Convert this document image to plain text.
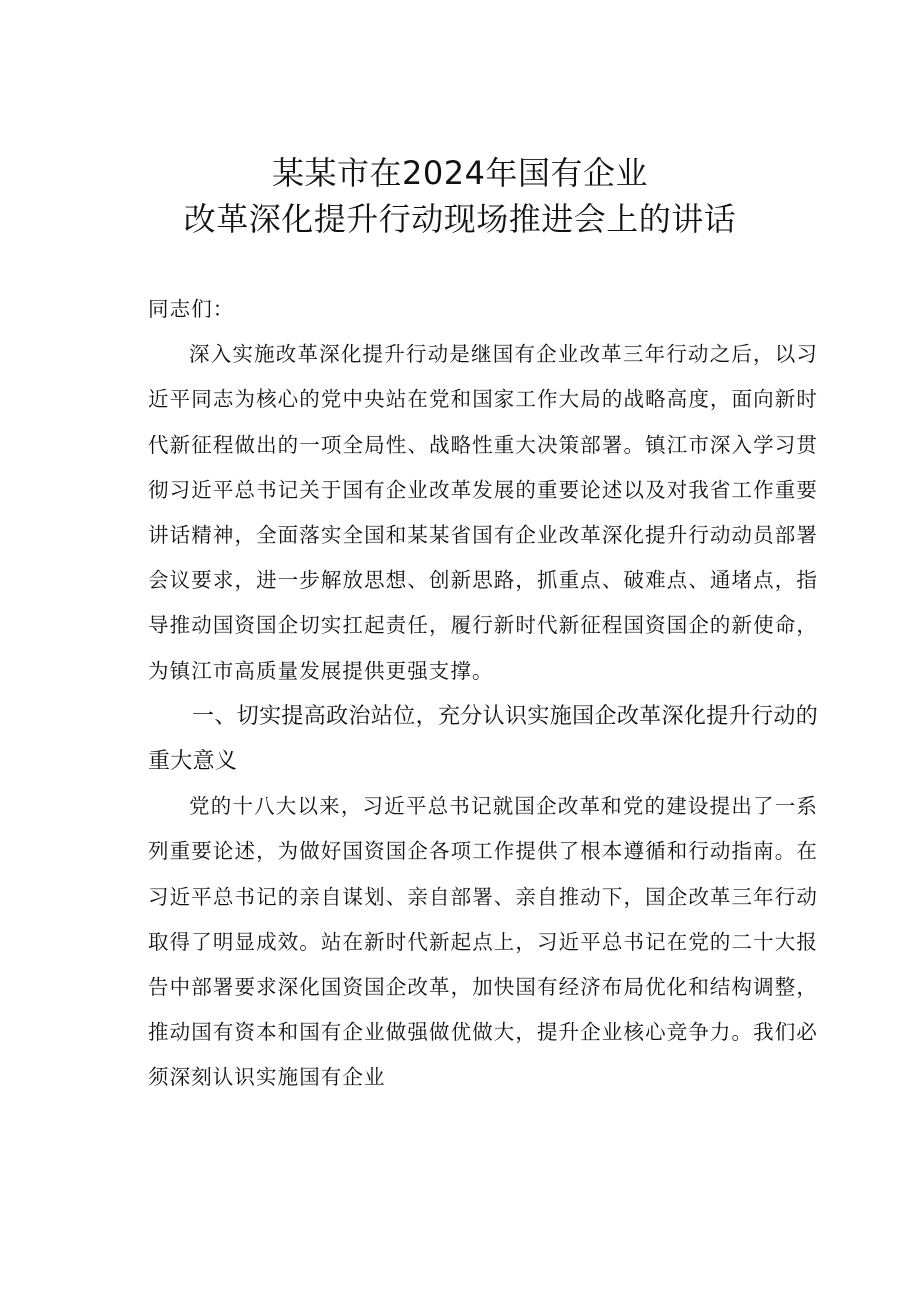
某某市在2024年国有企业
改革深化提升行动现场推进会上的讲话

同志们：

深入实施改革深化提升行动是继国有企业改革三年行动之后，以习近平同志为核心的党中央站在党和国家工作大局的战略高度，面向新时代新征程做出的一项全局性、战略性重大决策部署。镇江市深入学习贯彻习近平总书记关于国有企业改革发展的重要论述以及对我省工作重要讲话精神，全面落实全国和某某省国有企业改革深化提升行动动员部署会议要求，进一步解放思想、创新思路，抓重点、破难点、通堵点，指导推动国资国企切实扛起责任，履行新时代新征程国资国企的新使命，为镇江市高质量发展提供更强支撑。

一、切实提高政治站位，充分认识实施国企改革深化提升行动的重大意义

党的十八大以来，习近平总书记就国企改革和党的建设提出了一系列重要论述，为做好国资国企各项工作提供了根本遵循和行动指南。在习近平总书记的亲自谋划、亲自部署、亲自推动下，国企改革三年行动取得了明显成效。站在新时代新起点上，习近平总书记在党的二十大报告中部署要求深化国资国企改革，加快国有经济布局优化和结构调整，推动国有资本和国有企业做强做优做大，提升企业核心竞争力。我们必须深刻认识实施国有企业
